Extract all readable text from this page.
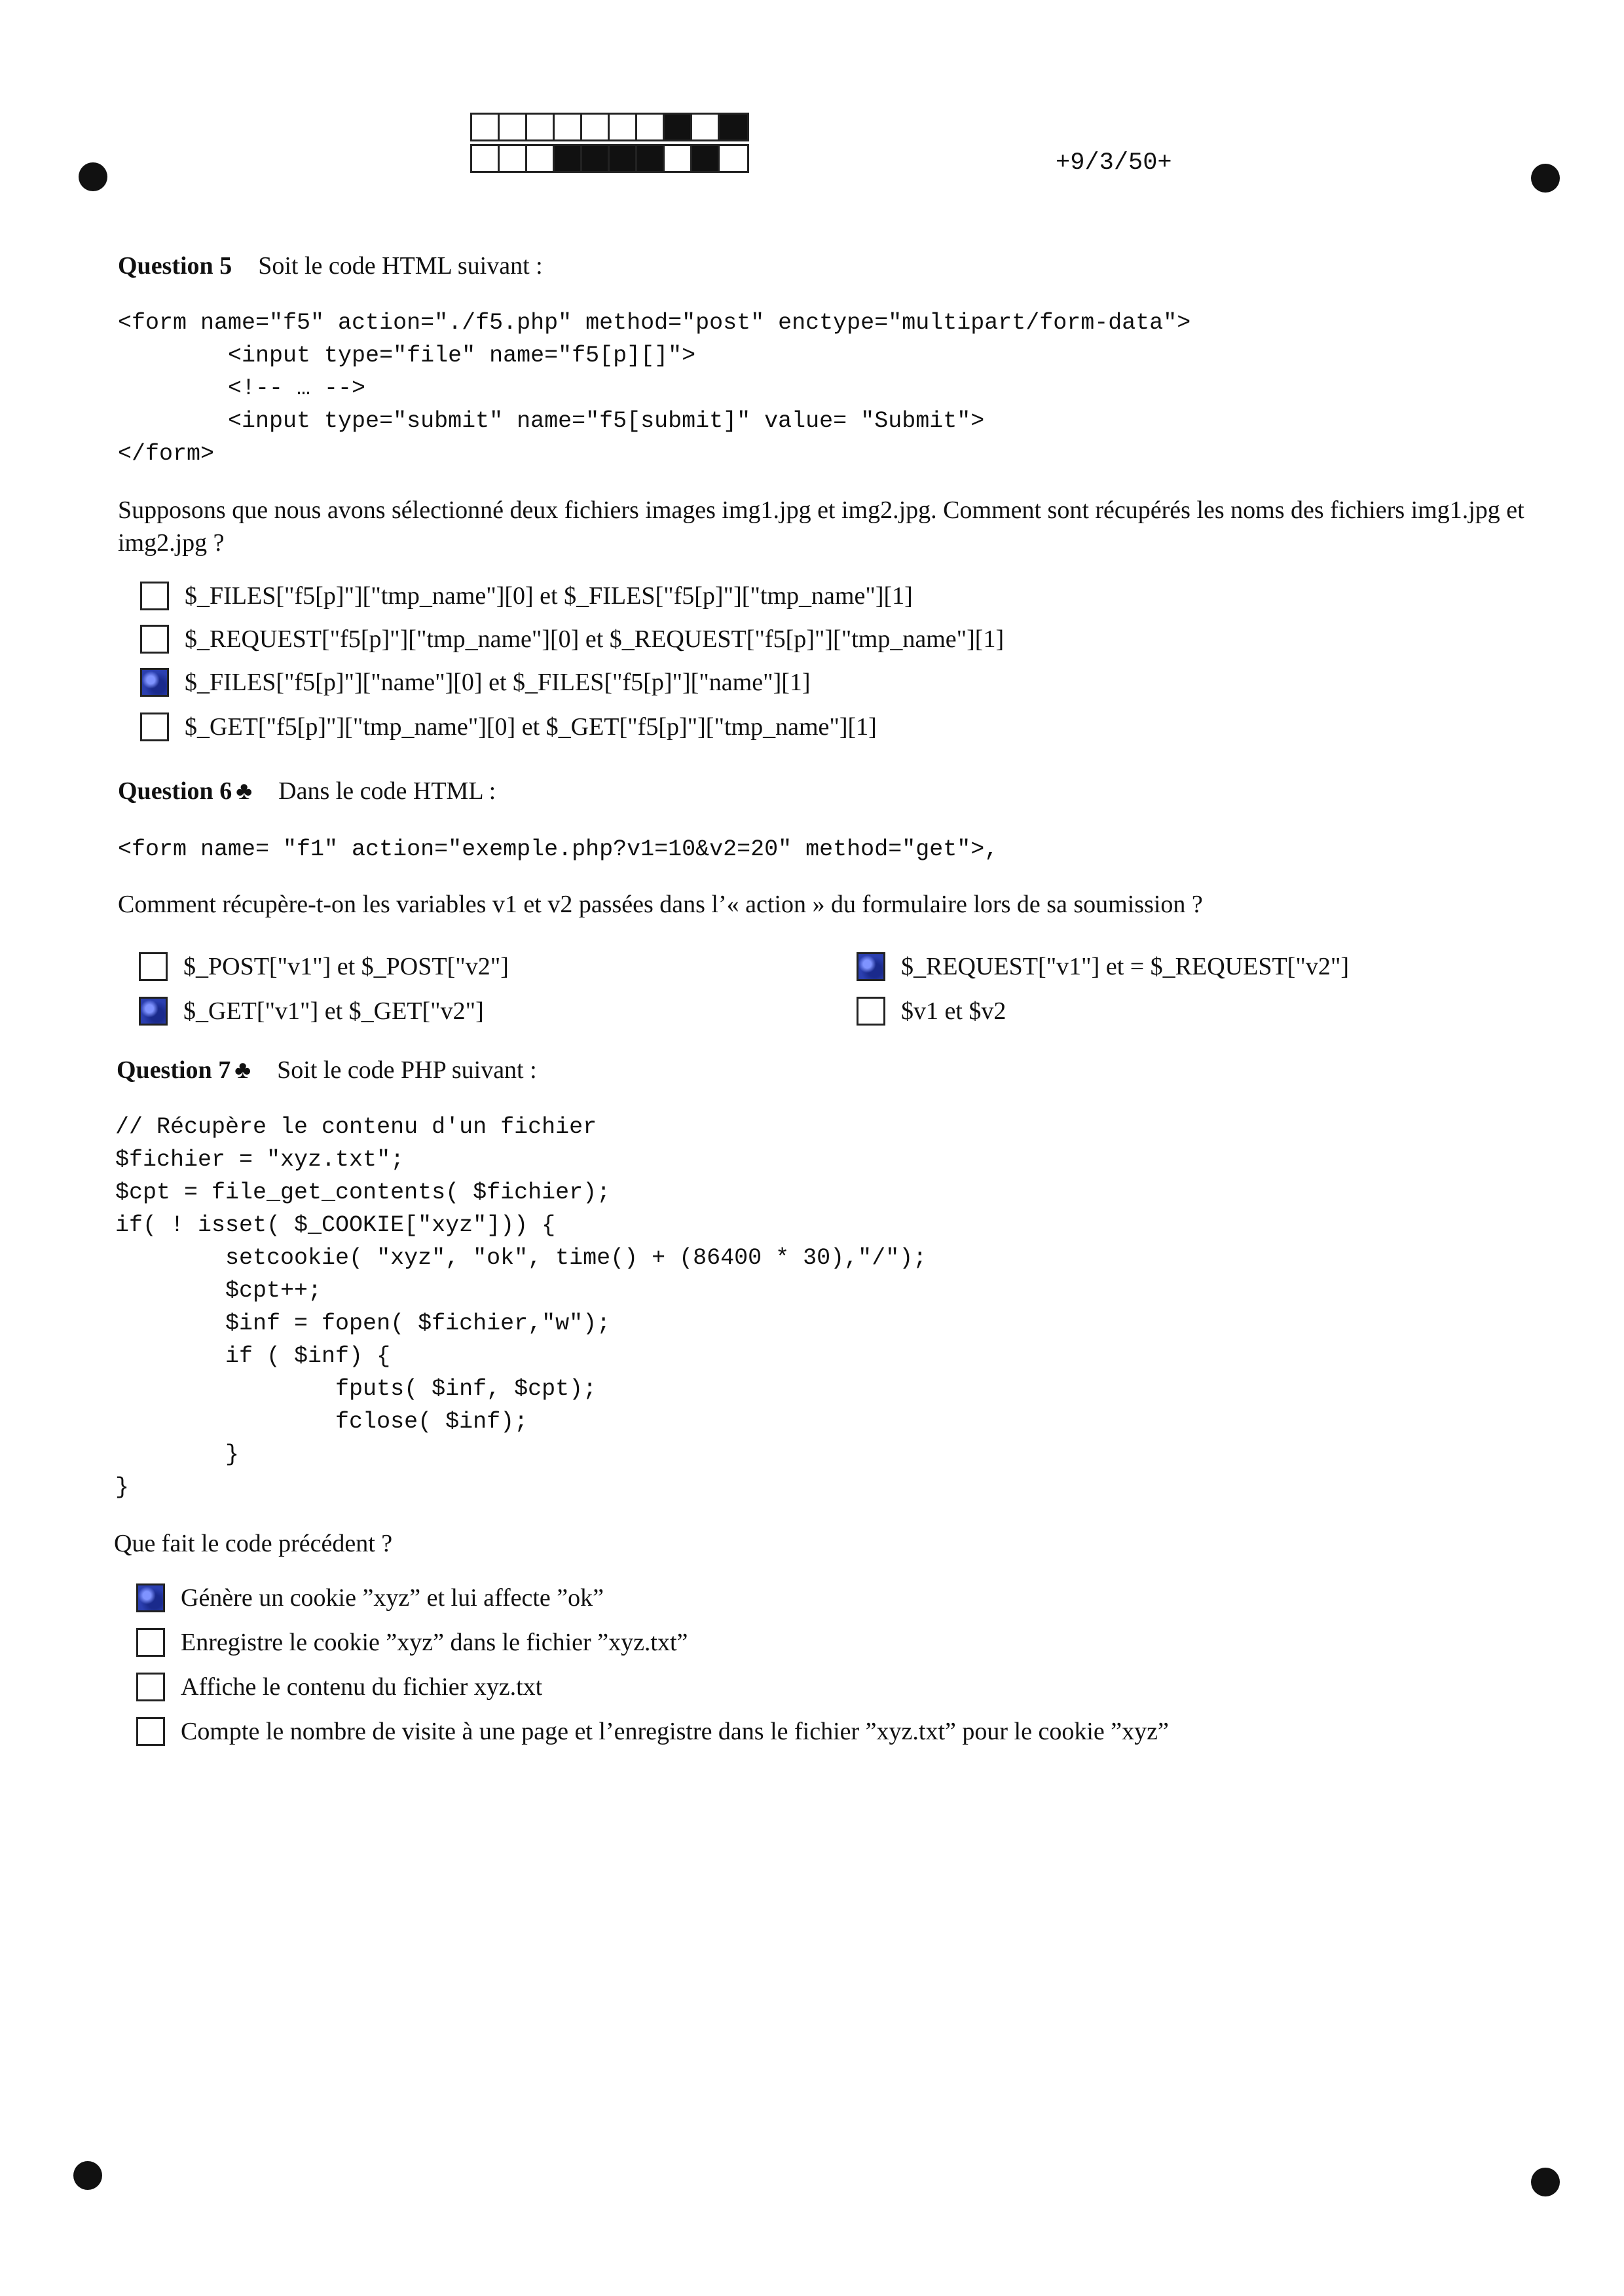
+9/3/50+
Question 5 Soit le code HTML suivant :
<form name="f5" action="./f5.php" method="post" enctype="multipart/form-data">
<input type="file" name="f5[p][]">
<!-- … -->
<input type="submit" name="f5[submit]" value= "Submit">
</form>

Supposons que nous avons sélectionné deux fichiers images img1.jpg et img2.jpg. Comment sont récupérés les noms des fichiers img1.jpg et img2.jpg ?

$_FILES["f5[p]"]["tmp_name"][0] et $_FILES["f5[p]"]["tmp_name"][1]
$_REQUEST["f5[p]"]["tmp_name"][0] et $_REQUEST["f5[p]"]["tmp_name"][1]
$_FILES["f5[p]"]["name"][0] et $_FILES["f5[p]"]["name"][1]
$_GET["f5[p]"]["tmp_name"][0] et $_GET["f5[p]"]["tmp_name"][1]
Question 6 ♣ Dans le code HTML :
<form name= "f1" action="exemple.php?v1=10&v2=20" method="get">,

Comment récupère-t-on les variables v1 et v2 passées dans l’« action » du formulaire lors de sa soumission ?

$_POST["v1"] et $_POST["v2"]	$_REQUEST["v1"] et = $_REQUEST["v2"]
$_GET["v1"] et $_GET["v2"]	$v1 et $v2
Question 7 ♣ Soit le code PHP suivant :
// Récupère le contenu d'un fichier
$fichier = "xyz.txt";
$cpt = file_get_contents( $fichier);
if( ! isset( $_COOKIE["xyz"])) {
setcookie( "xyz", "ok", time() + (86400 * 30),"/");
$cpt++;
$inf = fopen( $fichier,"w");
if ( $inf) {
fputs( $inf, $cpt);
fclose( $inf);
}
}

Que fait le code précédent ?

Génère un cookie ”xyz” et lui affecte ”ok”
Enregistre le cookie ”xyz” dans le fichier ”xyz.txt”
Affiche le contenu du fichier xyz.txt
Compte le nombre de visite à une page et l’enregistre dans le fichier ”xyz.txt” pour le cookie ”xyz”
